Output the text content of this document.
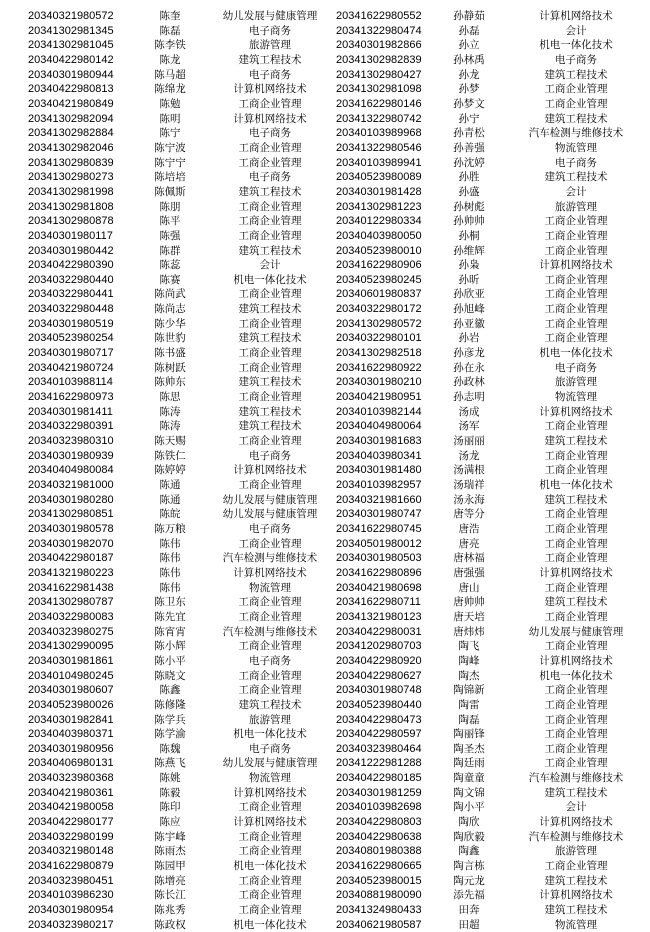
20340321980572	陈奎	幼儿发展与健康管理	20341622980552	孙静茹	计算机网络技术
20341302981345	陈磊	电子商务	20341322980474	孙磊	会计
20341302981045	陈李铁	旅游管理	20340301982866	孙立	机电一体化技术
20340422980142	陈龙	建筑工程技术	20341302982839	孙林禹	电子商务
20340301980944	陈马超	电子商务	20341302980427	孙龙	建筑工程技术
20340422980813	陈绵龙	计算机网络技术	20341302981098	孙梦	工商企业管理
20340421980849	陈勉	工商企业管理	20341622980146	孙梦文	工商企业管理
20341302982094	陈明	计算机网络技术	20341322980742	孙宁	建筑工程技术
20341302982884	陈宁	电子商务	20340103989968	孙青松	汽车检测与维修技术
20341302982046	陈宁波	工商企业管理	20341322980546	孙善强	物流管理
20341302980839	陈宁宁	工商企业管理	20340103989941	孙沈婷	电子商务
20341302980273	陈培培	电子商务	20340523980089	孙胜	建筑工程技术
20341302981998	陈佩斯	建筑工程技术	20340301981428	孙盛	会计
20341302981808	陈朋	工商企业管理	20341302981223	孙树彪	旅游管理
20341302980878	陈平	工商企业管理	20340122980334	孙帅帅	工商企业管理
20340301980117	陈强	工商企业管理	20340403980050	孙桐	工商企业管理
20340301980442	陈群	建筑工程技术	20340523980010	孙维辉	工商企业管理
20340422980390	陈蕊	会计	20341622980906	孙枭	计算机网络技术
20340322980440	陈赛	机电一体化技术	20340523980245	孙昕	工商企业管理
20340322980441	陈尚武	工商企业管理	20340601980837	孙欣亚	工商企业管理
20340322980448	陈尚志	建筑工程技术	20340322980172	孙旭峰	工商企业管理
20340301980519	陈少华	工商企业管理	20341302980572	孙亚徽	工商企业管理
20340523980254	陈世豹	建筑工程技术	20340322980101	孙岩	工商企业管理
20340301980717	陈书盛	工商企业管理	20341302982518	孙彦龙	机电一体化技术
20340421980724	陈树跃	工商企业管理	20341622980922	孙在永	电子商务
20340103988114	陈帅东	建筑工程技术	20340301980210	孙政林	旅游管理
20341622980973	陈思	工商企业管理	20340421980951	孙志明	物流管理
20340301981411	陈涛	建筑工程技术	20340103982144	汤成	计算机网络技术
20340322980391	陈涛	建筑工程技术	20340404980064	汤军	工商企业管理
20340323980310	陈天赐	工商企业管理	20340301981683	汤丽丽	建筑工程技术
20340301980939	陈铁仁	电子商务	20340403980341	汤龙	工商企业管理
20340404980084	陈婷婷	计算机网络技术	20340301981480	汤满根	工商企业管理
20340321981000	陈通	工商企业管理	20340103982957	汤瑞祥	机电一体化技术
20340301980280	陈通	幼儿发展与健康管理	20340321981660	汤永海	建筑工程技术
20341302980851	陈皖	幼儿发展与健康管理	20340301980747	唐等分	工商企业管理
20340301980578	陈万粮	电子商务	20341622980745	唐浩	工商企业管理
20340301982070	陈伟	工商企业管理	20340501980012	唐亮	工商企业管理
20340422980187	陈伟	汽车检测与维修技术	20340301980503	唐林福	工商企业管理
20341321980223	陈伟	计算机网络技术	20341622980896	唐强强	计算机网络技术
20341622981438	陈伟	物流管理	20340421980698	唐山	工商企业管理
20341302980787	陈卫东	工商企业管理	20341622980711	唐帅帅	建筑工程技术
20340322980083	陈先宜	工商企业管理	20341321980123	唐天培	工商企业管理
20340323980275	陈宵宵	汽车检测与维修技术	20340422980031	唐炜炜	幼儿发展与健康管理
20341302990095	陈小辉	工商企业管理	20341202980703	陶飞	工商企业管理
20340301981861	陈小平	电子商务	20340422980920	陶峰	计算机网络技术
20340104980245	陈晓文	工商企业管理	20340422980627	陶杰	机电一体化技术
20340301980607	陈鑫	工商企业管理	20340301980748	陶锦新	工商企业管理
20340523980026	陈修隆	建筑工程技术	20340523980440	陶雷	工商企业管理
20340301982841	陈学兵	旅游管理	20340422980473	陶磊	工商企业管理
20340403980371	陈学渝	机电一体化技术	20340422980597	陶丽锋	工商企业管理
20340301980956	陈魏	电子商务	20340323980464	陶圣杰	工商企业管理
20340406980131	陈燕飞	幼儿发展与健康管理	20341222981288	陶廷雨	工商企业管理
20340323980368	陈姚	物流管理	20340422980185	陶童童	汽车检测与维修技术
20340421980361	陈毅	计算机网络技术	20340301981259	陶文锦	建筑工程技术
20340421980058	陈印	工商企业管理	20340103982698	陶小平	会计
20340422980177	陈应	计算机网络技术	20340422980803	陶欣	计算机网络技术
20340322980199	陈宇峰	工商企业管理	20340422980638	陶欣毅	汽车检测与维修技术
20340321980148	陈雨杰	工商企业管理	20340801980388	陶鑫	旅游管理
20341622980879	陈园甲	机电一体化技术	20341622980665	陶言栋	工商企业管理
20340323980451	陈增亮	工商企业管理	20340523980015	陶元龙	建筑工程技术
20340103986230	陈长江	工商企业管理	20340881980090	添先福	计算机网络技术
20340301980954	陈兆秀	工商企业管理	20341324980433	田奔	建筑工程技术
20340323980217	陈政权	机电一体化技术	20340621980587	田超	物流管理
